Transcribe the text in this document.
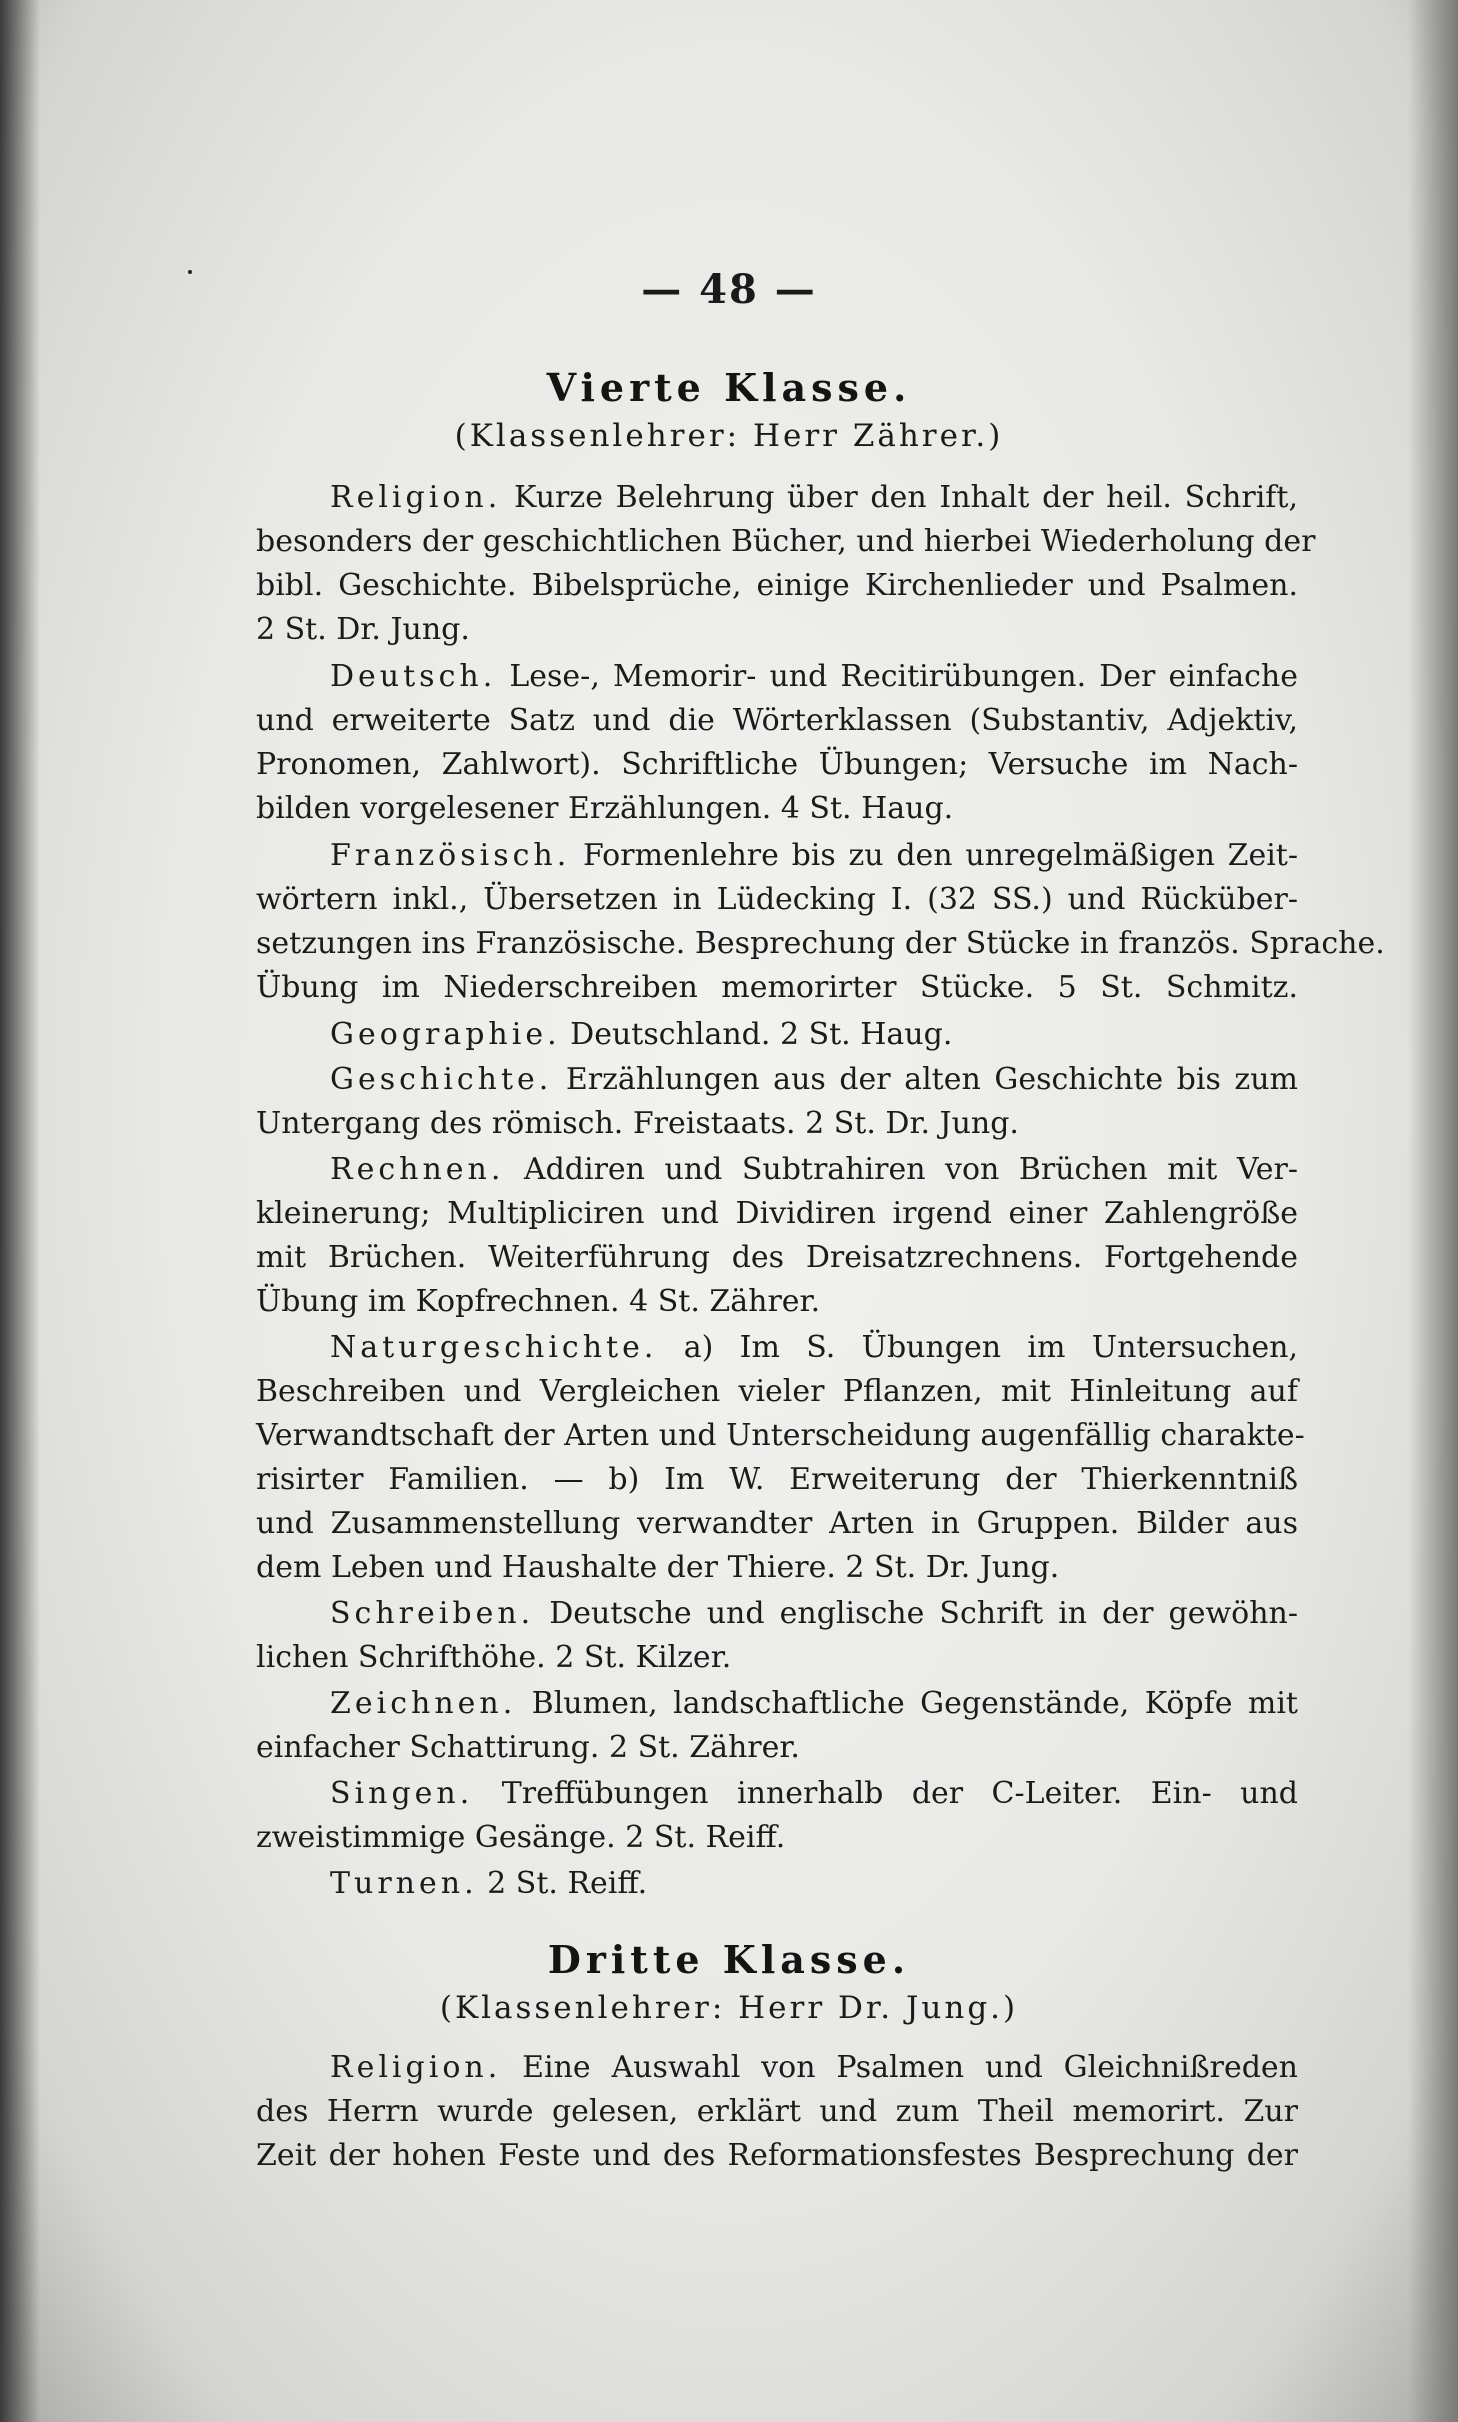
— 48 —
Vierte Klasse.
(Klassenlehrer: Herr Zährer.)
Religion. Kurze Belehrung über den Inhalt der heil. Schrift,
besonders der geschichtlichen Bücher, und hierbei Wiederholung der
bibl. Geschichte. Bibelsprüche, einige Kirchenlieder und Psalmen.
2 St. Dr. Jung.
Deutsch. Lese-, Memorir- und Recitirübungen. Der einfache
und erweiterte Satz und die Wörterklassen (Substantiv, Adjektiv,
Pronomen, Zahlwort). Schriftliche Übungen; Versuche im Nach-
bilden vorgelesener Erzählungen. 4 St. Haug.
Französisch. Formenlehre bis zu den unregelmäßigen Zeit-
wörtern inkl., Übersetzen in Lüdecking I. (32 SS.) und Rücküber-
setzungen ins Französische. Besprechung der Stücke in französ. Sprache.
Übung im Niederschreiben memorirter Stücke. 5 St. Schmitz.
Geographie. Deutschland. 2 St. Haug.
Geschichte. Erzählungen aus der alten Geschichte bis zum
Untergang des römisch. Freistaats. 2 St. Dr. Jung.
Rechnen. Addiren und Subtrahiren von Brüchen mit Ver-
kleinerung; Multipliciren und Dividiren irgend einer Zahlengröße
mit Brüchen. Weiterführung des Dreisatzrechnens. Fortgehende
Übung im Kopfrechnen. 4 St. Zährer.
Naturgeschichte. a) Im S. Übungen im Untersuchen,
Beschreiben und Vergleichen vieler Pflanzen, mit Hinleitung auf
Verwandtschaft der Arten und Unterscheidung augenfällig charakte-
risirter Familien. — b) Im W. Erweiterung der Thierkenntniß
und Zusammenstellung verwandter Arten in Gruppen. Bilder aus
dem Leben und Haushalte der Thiere. 2 St. Dr. Jung.
Schreiben. Deutsche und englische Schrift in der gewöhn-
lichen Schrifthöhe. 2 St. Kilzer.
Zeichnen. Blumen, landschaftliche Gegenstände, Köpfe mit
einfacher Schattirung. 2 St. Zährer.
Singen. Treffübungen innerhalb der C-Leiter. Ein- und
zweistimmige Gesänge. 2 St. Reiff.
Turnen. 2 St. Reiff.
Dritte Klasse.
(Klassenlehrer: Herr Dr. Jung.)
Religion. Eine Auswahl von Psalmen und Gleichnißreden
des Herrn wurde gelesen, erklärt und zum Theil memorirt. Zur
Zeit der hohen Feste und des Reformationsfestes Besprechung der
